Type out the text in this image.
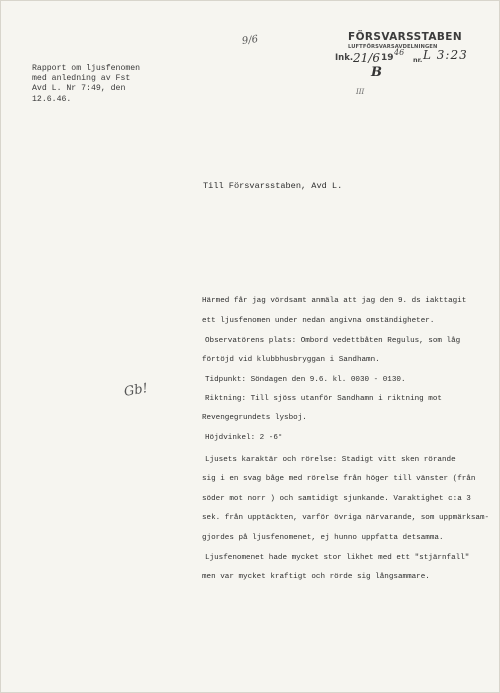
Rapport om ljusfenomen
med anledning av Fst
Avd L. Nr 7:49, den
12.6.46.
9/6	FÖRSVARSSTABEN
LUFTFÖRSVARSAVDELNINGEN
Ink. 21/6 19
46
nr. L 3:23
B
III
Till Försvarsstaben, Avd L.
Gb!
Härmed får jag vördsamt anmäla att jag den 9. ds iakttagit
ett ljusfenomen under nedan angivna omständigheter.
Observatörens plats: Ombord vedettbåten Regulus, som låg
förtöjd vid klubbhusbryggan i Sandhamn.
Tidpunkt: Söndagen den 9.6. kl. 0030 - 0130.
Riktning: Till sjöss utanför Sandhamn i riktning mot
Revengegrundets lysboj.
Höjdvinkel: 2 -6°
Ljusets karaktär och rörelse: Stadigt vitt sken rörande
sig i en svag båge med rörelse från höger till vänster (från
söder mot norr ) och samtidigt sjunkande. Varaktighet c:a 3
sek. från upptäckten, varför övriga närvarande, som uppmärksam-
gjordes på ljusfenomenet, ej hunno uppfatta detsamma.
Ljusfenomenet hade mycket stor likhet med ett "stjärnfall"
men var mycket kraftigt och rörde sig långsammare.
